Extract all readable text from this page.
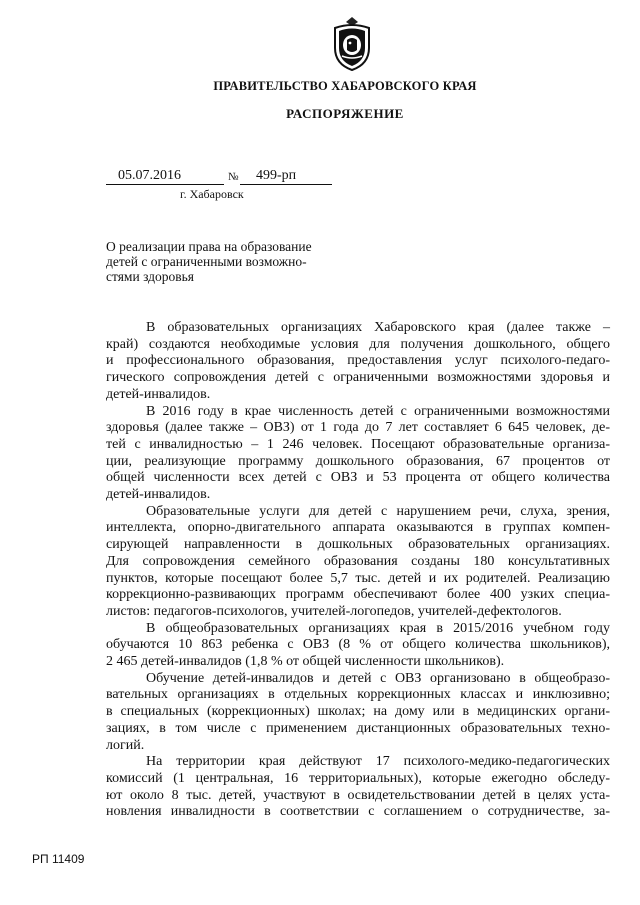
ПРАВИТЕЛЬСТВО ХАБАРОВСКОГО КРАЯ
РАСПОРЯЖЕНИЕ
05.07.2016	№	499-рп
г. Хабаровск
О реализации права на образование
детей с ограниченными возможно-
стями здоровья
В образовательных организациях Хабаровского края (далее также –
край) создаются необходимые условия для получения дошкольного, общего
и профессионального образования, предоставления услуг психолого-педаго-
гического сопровождения детей с ограниченными возможностями здоровья и
детей-инвалидов.
В 2016 году в крае численность детей с ограниченными возможностями
здоровья (далее также – ОВЗ) от 1 года до 7 лет составляет 6 645 человек, де-
тей с инвалидностью – 1 246 человек. Посещают образовательные организа-
ции, реализующие программу дошкольного образования, 67 процентов от
общей численности всех детей с ОВЗ и 53 процента от общего количества
детей-инвалидов.
Образовательные услуги для детей с нарушением речи, слуха, зрения,
интеллекта, опорно-двигательного аппарата оказываются в группах компен-
сирующей направленности в дошкольных образовательных организациях.
Для сопровождения семейного образования созданы 180 консультативных
пунктов, которые посещают более 5,7 тыс. детей и их родителей. Реализацию
коррекционно-развивающих программ обеспечивают более 400 узких специа-
листов: педагогов-психологов, учителей-логопедов, учителей-дефектологов.
В общеобразовательных организациях края в 2015/2016 учебном году
обучаются 10 863 ребенка с ОВЗ (8 % от общего количества школьников),
2 465 детей-инвалидов (1,8 % от общей численности школьников).
Обучение детей-инвалидов и детей с ОВЗ организовано в общеобразо-
вательных организациях в отдельных коррекционных классах и инклюзивно;
в специальных (коррекционных) школах; на дому или в медицинских органи-
зациях, в том числе с применением дистанционных образовательных техно-
логий.
На территории края действуют 17 психолого-медико-педагогических
комиссий (1 центральная, 16 территориальных), которые ежегодно обследу-
ют около 8 тыс. детей, участвуют в освидетельствовании детей в целях уста-
новления инвалидности в соответствии с соглашением о сотрудничестве, за-
РП 11409
